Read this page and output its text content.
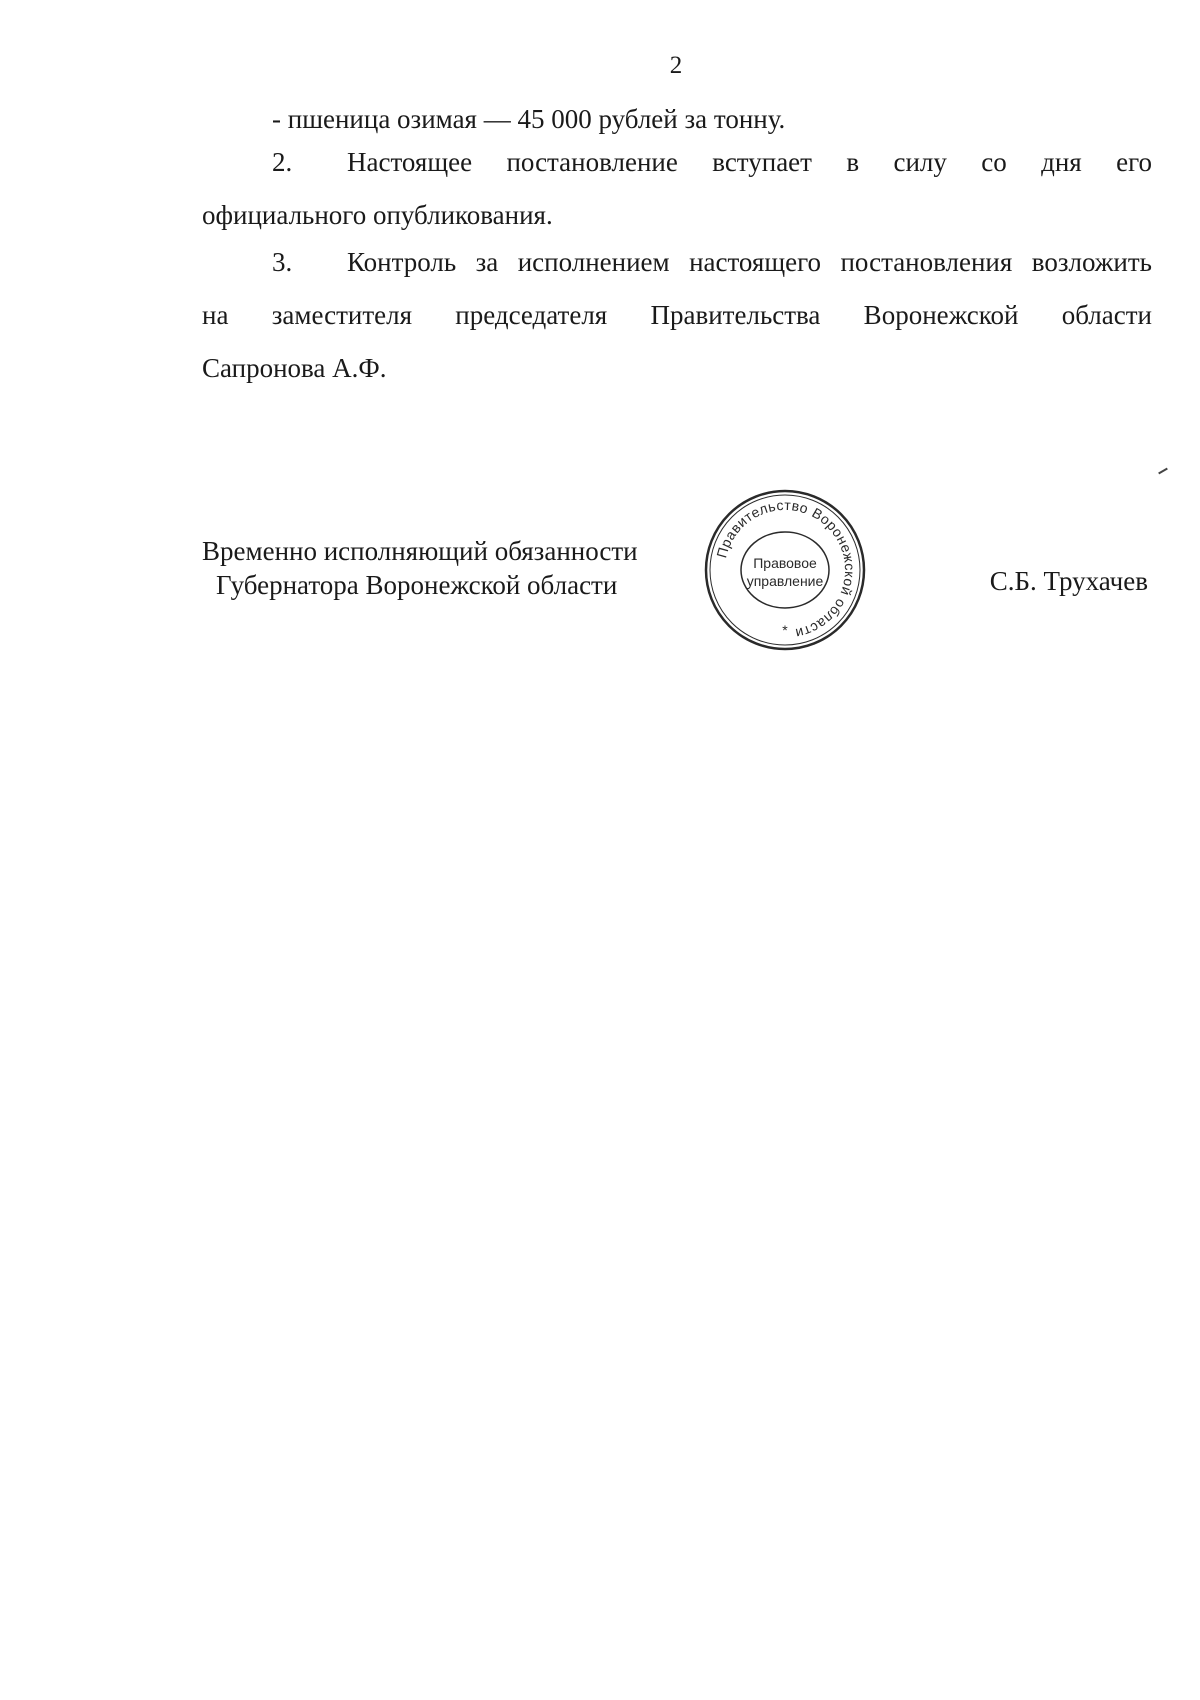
2

- пшеница озимая — 45 000 рублей за тонну.

2. Настоящее постановление вступает в силу со дня его
официального опубликования.

3. Контроль за исполнением настоящего постановления возложить
на заместителя председателя Правительства Воронежской области
Сапронова А.Ф.

Временно исполняющий обязанности
Губернатора Воронежской области
Правительство Воронежской области
Правовое
управление
*
С.Б. Трухачев
